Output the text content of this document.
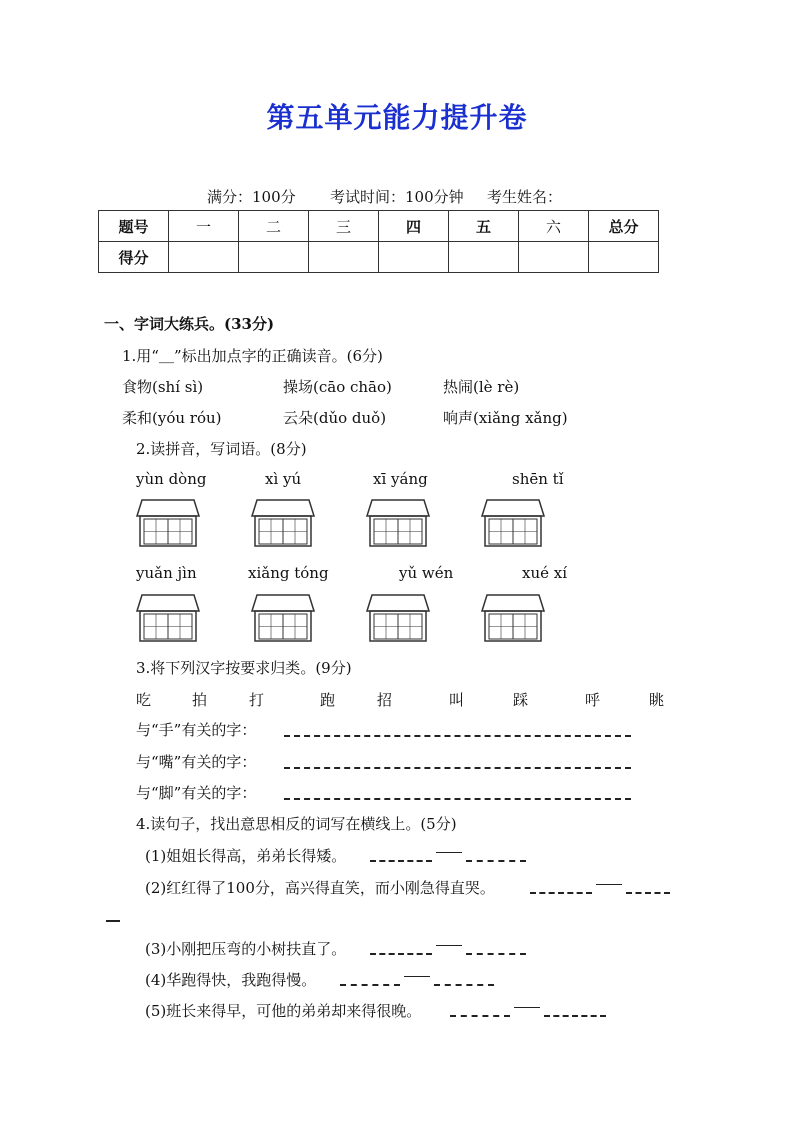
第五单元能力提升卷
满分：100分 考试时间：100分钟 考生姓名：
题号	一	二	三	四	五	六	总分
得分							
一、字词大练兵。(33分)
1.用“＿”标出加点字的正确读音。(6分)
食物(shí sì)	操场(cāo chāo)	热闹(lè rè)
柔和(yóu róu)	云朵(dǔo duǒ)	响声(xiǎng xǎng)
2.读拼音，写词语。(8分)
yùn dòng	xì yú	xī yáng	shēn tǐ
yuǎn jìn	xiǎng tóng	yǔ wén	xué xí
3.将下列汉字按要求归类。(9分)
吃	拍	打	跑	招	叫	踩	呼	眺
与“手”有关的字：
与“嘴”有关的字：
与“脚”有关的字：
4.读句子，找出意思相反的词写在横线上。(5分)
(1)姐姐长得高，弟弟长得矮。
(2)红红得了100分，高兴得直笑，而小刚急得直哭。
(3)小刚把压弯的小树扶直了。
(4)华跑得快，我跑得慢。
(5)班长来得早，可他的弟弟却来得很晚。
